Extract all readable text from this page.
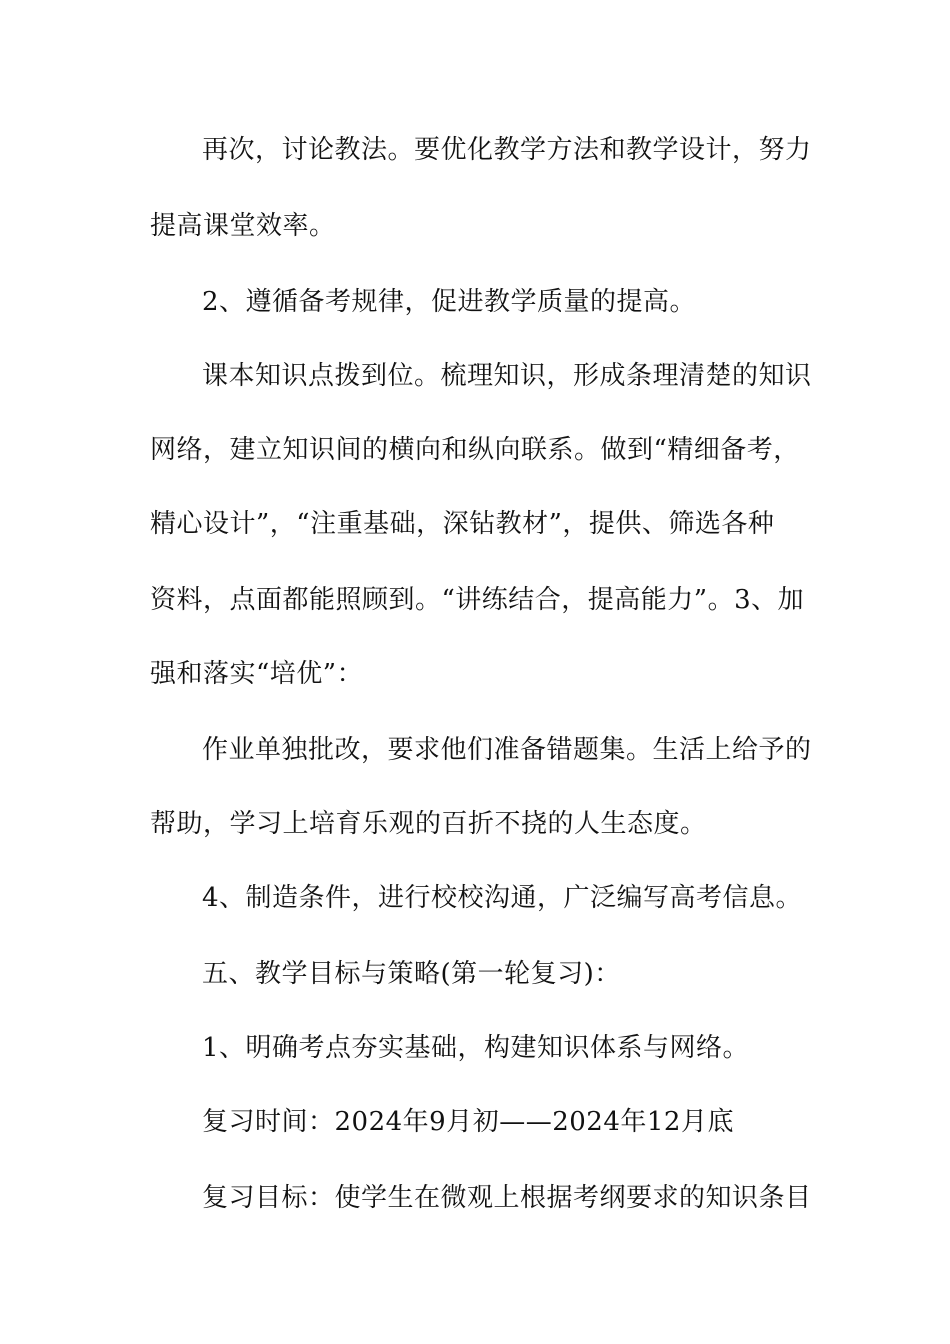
再次，讨论教法。要优化教学方法和教学设计，努力
提高课堂效率。
2、遵循备考规律，促进教学质量的提高。
课本知识点拨到位。梳理知识，形成条理清楚的知识
网络，建立知识间的横向和纵向联系。做到“精细备考，
精心设计”，“注重基础，深钻教材”，提供、筛选各种
资料，点面都能照顾到。“讲练结合，提高能力”。3、加
强和落实“培优”：
作业单独批改，要求他们准备错题集。生活上给予的
帮助，学习上培育乐观的百折不挠的人生态度。
4、制造条件，进行校校沟通，广泛编写高考信息。
五、教学目标与策略(第一轮复习)：
1、明确考点夯实基础，构建知识体系与网络。
复习时间：2024年9月初——2024年12月底
复习目标：使学生在微观上根据考纲要求的知识条目
